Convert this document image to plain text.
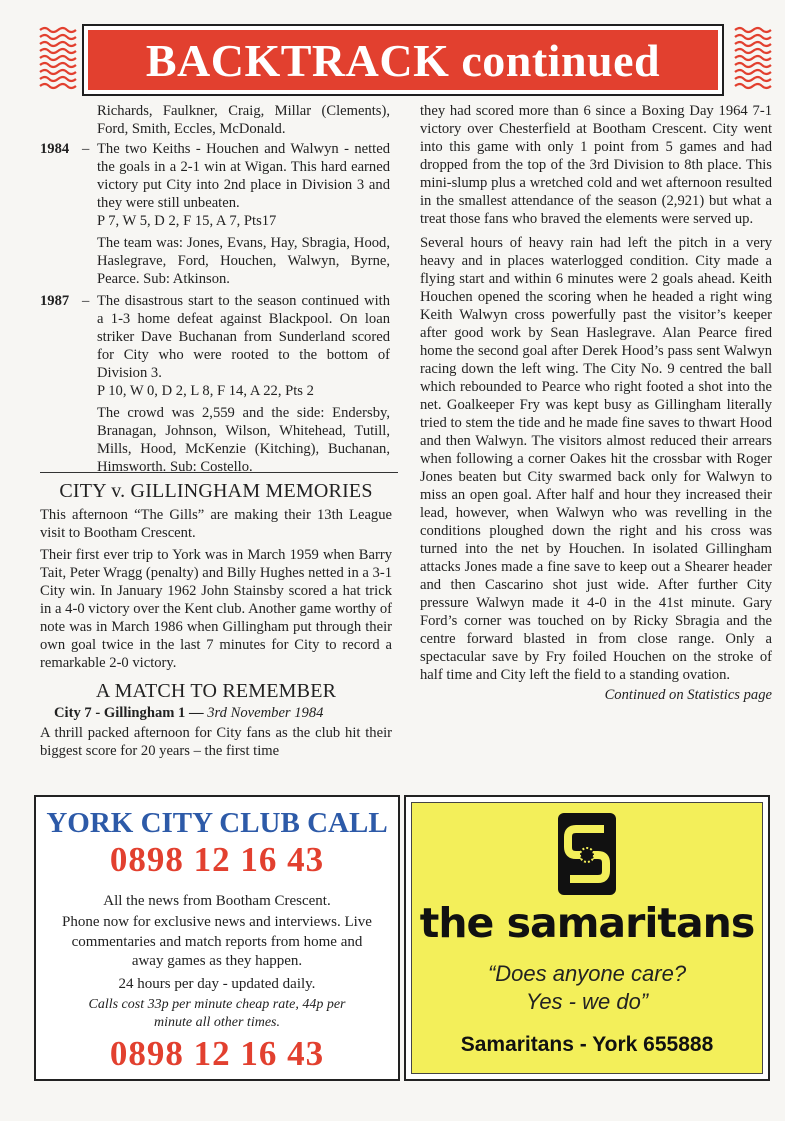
BACKTRACK continued

Richards, Faulkner, Craig, Millar (Clements), Ford, Smith, Eccles, McDonald.

1984 – The two Keiths - Houchen and Walwyn - netted the goals in a 2-1 win at Wigan. This hard earned victory put City into 2nd place in Division 3 and they were still unbeaten.

P 7, W 5, D 2, F 15, A 7, Pts17

The team was: Jones, Evans, Hay, Sbragia, Hood, Haslegrave, Ford, Houchen, Walwyn, Byrne, Pearce. Sub: Atkinson.

1987 – The disastrous start to the season continued with a 1-3 home defeat against Blackpool. On loan striker Dave Buchanan from Sunderland scored for City who were rooted to the bottom of Division 3.

P 10, W 0, D 2, L 8, F 14, A 22, Pts 2

The crowd was 2,559 and the side: Endersby, Branagan, Johnson, Wilson, Whitehead, Tutill, Mills, Hood, McKenzie (Kitching), Buchanan, Himsworth. Sub: Costello.

CITY v. GILLINGHAM MEMORIES

This afternoon “The Gills” are making their 13th League visit to Bootham Crescent.

Their first ever trip to York was in March 1959 when Barry Tait, Peter Wragg (penalty) and Billy Hughes netted in a 3-1 City win. In January 1962 John Stainsby scored a hat trick in a 4-0 victory over the Kent club. Another game worthy of note was in March 1986 when Gillingham put through their own goal twice in the last 7 minutes for City to record a remarkable 2-0 victory.

A MATCH TO REMEMBER

City 7 - Gillingham 1 — 3rd November 1984

A thrill packed afternoon for City fans as the club hit their biggest score for 20 years – the first time

they had scored more than 6 since a Boxing Day 1964 7-1 victory over Chesterfield at Bootham Crescent. City went into this game with only 1 point from 5 games and had dropped from the top of the 3rd Division to 8th place. This mini-slump plus a wretched cold and wet afternoon resulted in the smallest attendance of the season (2,921) but what a treat those fans who braved the elements were served up.

Several hours of heavy rain had left the pitch in a very heavy and in places waterlogged condition. City made a flying start and within 6 minutes were 2 goals ahead. Keith Houchen opened the scoring when he headed a right wing Keith Walwyn cross powerfully past the visitor’s keeper after good work by Sean Haslegrave. Alan Pearce fired home the second goal after Derek Hood’s pass sent Walwyn racing down the left wing. The City No. 9 centred the ball which rebounded to Pearce who right footed a shot into the net. Goalkeeper Fry was kept busy as Gillingham literally tried to stem the tide and he made fine saves to thwart Hood and then Walwyn. The visitors almost reduced their arrears when following a corner Oakes hit the crossbar with Roger Jones beaten but City swarmed back only for Walwyn to miss an open goal. After half and hour they increased their lead, however, when Walwyn who was revelling in the conditions ploughed down the right and his cross was turned into the net by Houchen. In isolated Gillingham attacks Jones made a fine save to keep out a Shearer header and then Cascarino shot just wide. After further City pressure Walwyn made it 4-0 in the 41st minute. Gary Ford’s corner was touched on by Ricky Sbragia and the centre forward blasted in from close range. Only a spectacular save by Fry foiled Houchen on the stroke of half time and City left the field to a standing ovation.

Continued on Statistics page

YORK CITY CLUB CALL
0898 12 16 43
All the news from Bootham Crescent.
Phone now for exclusive news and interviews. Live commentaries and match reports from home and away games as they happen.
24 hours per day - updated daily.
Calls cost 33p per minute cheap rate, 44p per minute all other times.
0898 12 16 43
the samaritans
“Does anyone care?
Yes - we do”
Samaritans - York 655888
